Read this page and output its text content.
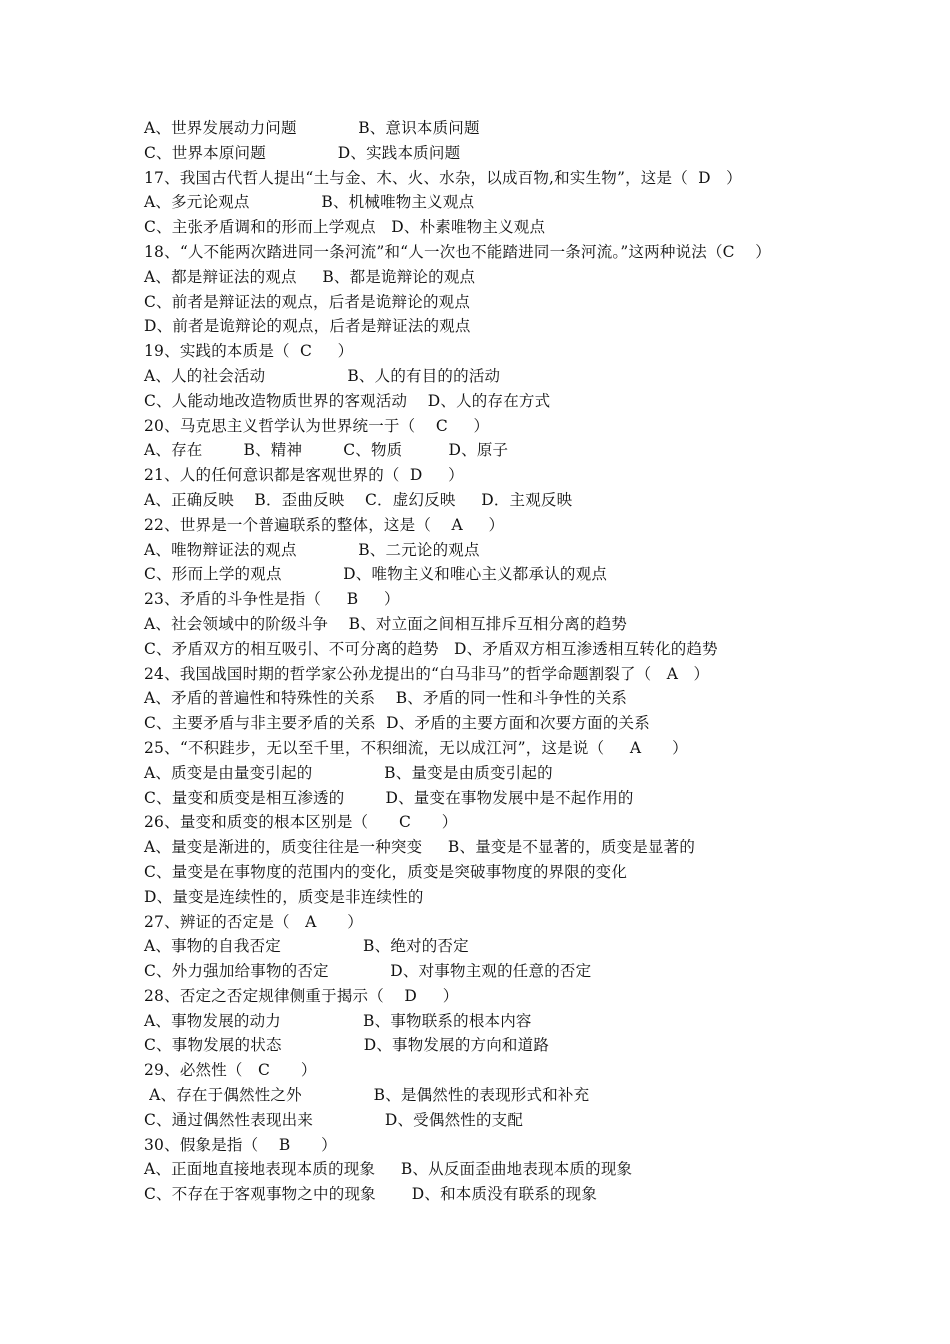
A、世界发展动力问题            B、意识本质问题
C、世界本原问题              D、实践本质问题
17、我国古代哲人提出“土与金、木、火、水杂，以成百物,和实生物”，这是（  D   ）
A、多元论观点              B、机械唯物主义观点
C、主张矛盾调和的形而上学观点   D、朴素唯物主义观点
18、“人不能两次踏进同一条河流”和“人一次也不能踏进同一条河流。”这两种说法（C    ）
A、都是辩证法的观点     B、都是诡辩论的观点
C、前者是辩证法的观点，后者是诡辩论的观点
D、前者是诡辩论的观点，后者是辩证法的观点
19、实践的本质是（  C     ）
A、人的社会活动                B、人的有目的的活动
C、人能动地改造物质世界的客观活动    D、人的存在方式
20、马克思主义哲学认为世界统一于（    C     ）
A、存在        B、精神        C、物质         D、原子
21、人的任何意识都是客观世界的（  D     ）
A、正确反映    B．歪曲反映    C．虚幻反映     D．主观反映
22、世界是一个普遍联系的整体，这是（    A     ）
A、唯物辩证法的观点            B、二元论的观点
C、形而上学的观点            D、唯物主义和唯心主义都承认的观点
23、矛盾的斗争性是指（     B     ）
A、社会领域中的阶级斗争    B、对立面之间相互排斥互相分离的趋势
C、矛盾双方的相互吸引、不可分离的趋势   D、矛盾双方相互渗透相互转化的趋势
24、我国战国时期的哲学家公孙龙提出的“白马非马”的哲学命题割裂了（   A   ）
A、矛盾的普遍性和特殊性的关系    B、矛盾的同一性和斗争性的关系
C、主要矛盾与非主要矛盾的关系  D、矛盾的主要方面和次要方面的关系
25、“不积跬步，无以至千里，不积细流，无以成江河”，这是说（     A      ）
A、质变是由量变引起的              B、量变是由质变引起的
C、量变和质变是相互渗透的        D、量变在事物发展中是不起作用的
26、量变和质变的根本区别是（      C      ）
A、量变是渐进的，质变往往是一种突变     B、量变是不显著的，质变是显著的
C、量变是在事物度的范围内的变化，质变是突破事物度的界限的变化
D、量变是连续性的，质变是非连续性的
27、辨证的否定是（   A      ）
A、事物的自我否定                B、绝对的否定
C、外力强加给事物的否定            D、对事物主观的任意的否定
28、否定之否定规律侧重于揭示（    D     ）
A、事物发展的动力                B、事物联系的根本内容
C、事物发展的状态                D、事物发展的方向和道路
29、必然性（   C      ）
A、存在于偶然性之外              B、是偶然性的表现形式和补充
C、通过偶然性表现出来              D、受偶然性的支配
30、假象是指（    B      ）
A、正面地直接地表现本质的现象     B、从反面歪曲地表现本质的现象
C、不存在于客观事物之中的现象       D、和本质没有联系的现象
